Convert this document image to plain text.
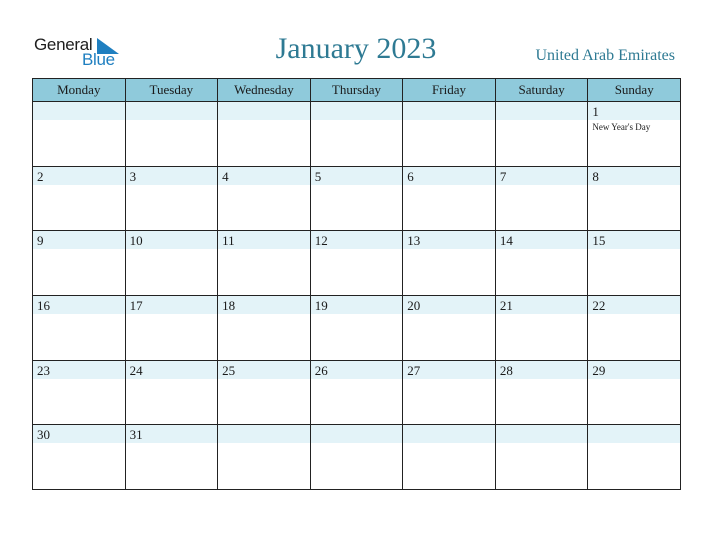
General
Blue	January 2023	United Arab Emirates
Monday	Tuesday	Wednesday	Thursday	Friday	Saturday	Sunday

						1
New Year's Day

2	3	4	5	6	7	8

9	10	11	12	13	14	15

16	17	18	19	20	21	22

23	24	25	26	27	28	29

30	31					
